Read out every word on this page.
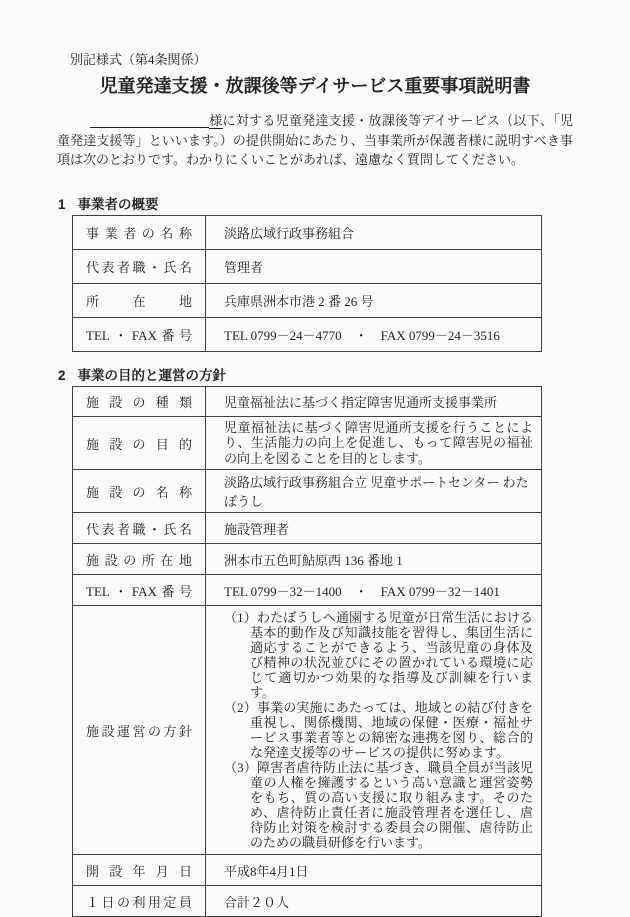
別記様式（第4条関係）

児童発達支援・放課後等デイサービス重要事項説明書

様に対する児童発達支援・放課後等デイサービス（以下、「児童発達支援等」といいます。）の提供開始にあたり、当事業所が保護者様に説明すべき事項は次のとおりです。わかりにくいことがあれば、遠慮なく質問してください。

1 事業者の概要
事業者の名称	淡路広域行政事務組合
代表者職・氏名	管理者
所在地	兵庫県洲本市港 2 番 26 号
TEL・FAX番号	TEL 0799－24－4770　・　FAX 0799－24－3516
2 事業の目的と運営の方針
施設の種類	児童福祉法に基づく指定障害児通所支援事業所
施設の目的	児童福祉法に基づく障害児通所支援を行うことにより、生活能力の向上を促進し、もって障害児の福祉の向上を図ることを目的とします。
施設の名称	淡路広域行政事務組合立 児童サポートセンター わたぼうし
代表者職・氏名	施設管理者
施設の所在地	洲本市五色町鮎原西 136 番地 1
TEL・FAX番号	TEL 0799－32－1400　・　FAX 0799－32－1401
施設運営の方針	（1）わたぼうしへ通園する児童が日常生活における基本的動作及び知識技能を習得し、集団生活に適応することができるよう、当該児童の身体及び精神の状況並びにその置かれている環境に応じて適切かつ効果的な指導及び訓練を行います。
（2）事業の実施にあたっては、地域との結び付きを重視し、関係機関、地域の保健・医療・福祉サービス事業者等との綿密な連携を図り、総合的な発達支援等のサービスの提供に努めます。
（3）障害者虐待防止法に基づき、職員全員が当該児童の人権を擁護するという高い意識と運営姿勢をもち、質の高い支援に取り組みます。そのため、虐待防止責任者に施設管理者を選任し、虐待防止対策を検討する委員会の開催、虐待防止のための職員研修を行います。

開設年月日	平成8年4月1日
１日の利用定員	合計２０人
